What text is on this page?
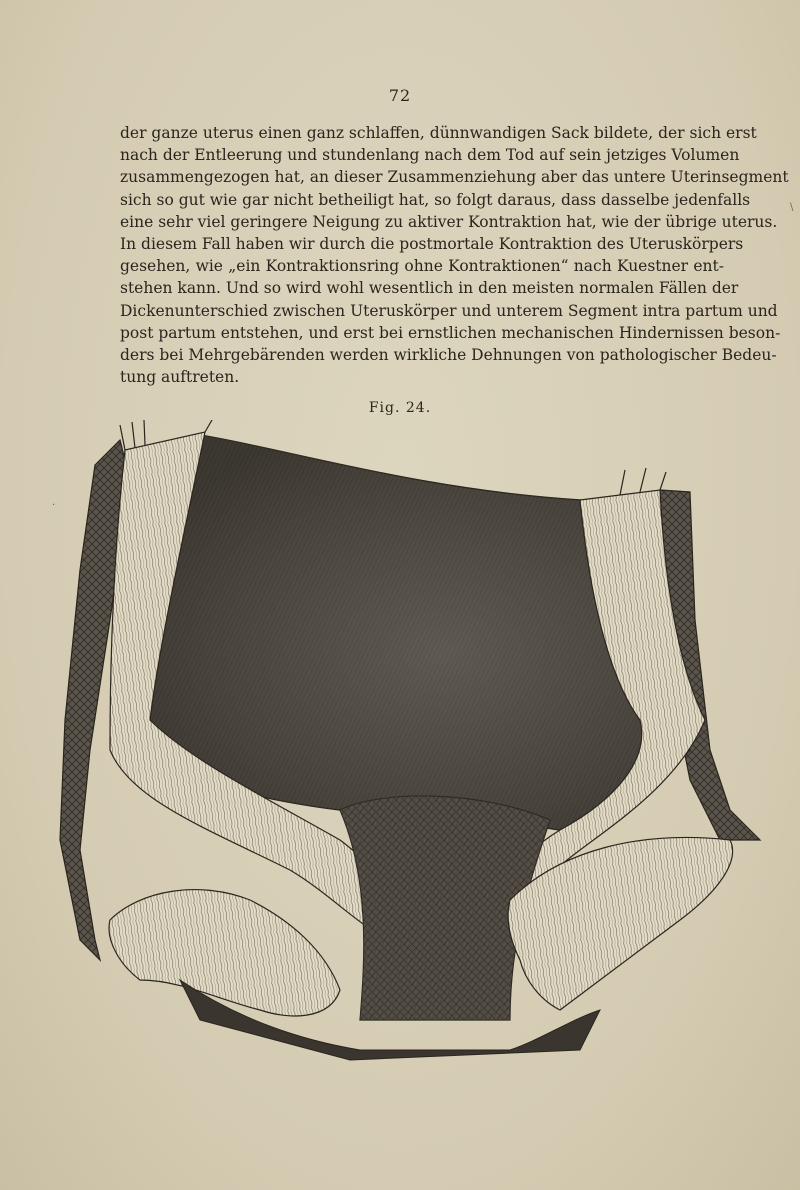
72
der ganze uterus einen ganz schlaffen, dünnwandigen Sack bildete, der sich erst
nach der Entleerung und stundenlang nach dem Tod auf sein jetziges Volumen
zusammengezogen hat, an dieser Zusammenziehung aber das untere Uterinsegment
sich so gut wie gar nicht betheiligt hat, so folgt daraus, dass dasselbe jedenfalls
eine sehr viel geringere Neigung zu aktiver Kontraktion hat, wie der übrige uterus.
In diesem Fall haben wir durch die postmortale Kontraktion des Uteruskörpers
gesehen, wie „ein Kontraktionsring ohne Kontraktionen“ nach Kuestner ent-
stehen kann. Und so wird wohl wesentlich in den meisten normalen Fällen der
Dickenunterschied zwischen Uteruskörper und unterem Segment intra partum und
post partum entstehen, und erst bei ernstlichen mechanischen Hindernissen beson-
ders bei Mehrgebärenden werden wirkliche Dehnungen von pathologischer Bedeu-
tung auftreten.
Fig. 24.
\
·
